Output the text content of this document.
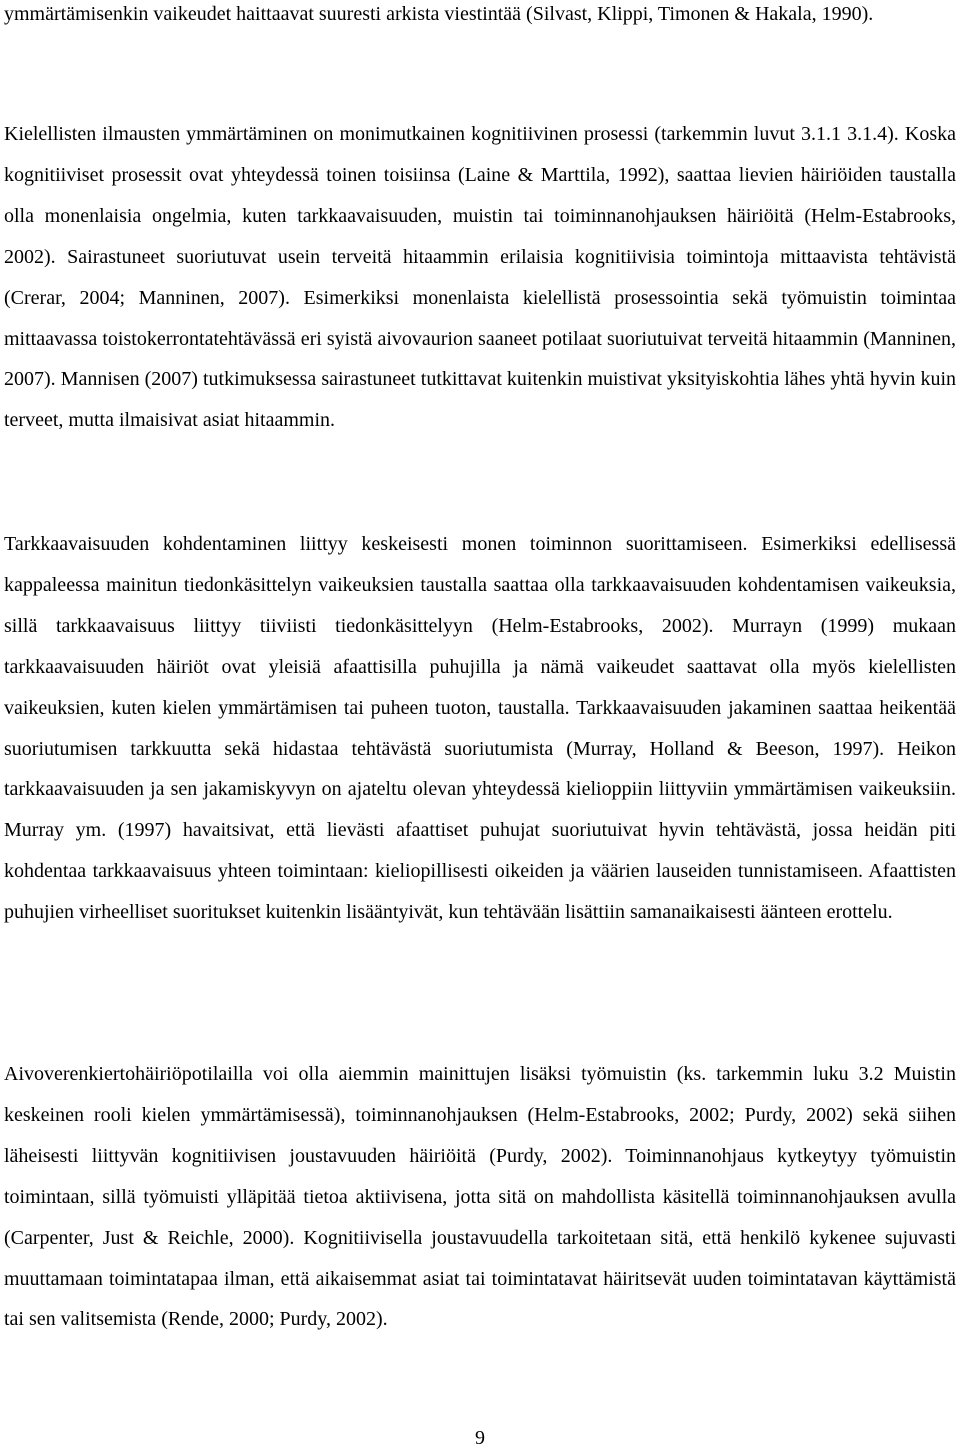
ymmärtämisenkin vaikeudet haittaavat suuresti arkista viestintää (Silvast, Klippi, Timonen & Hakala, 1990).

Kielellisten ilmausten ymmärtäminen on monimutkainen kognitiivinen prosessi (tarkemmin luvut 3.1.1 3.1.4). Koska kognitiiviset prosessit ovat yhteydessä toinen toisiinsa (Laine & Marttila, 1992), saattaa lievien häiriöiden taustalla olla monenlaisia ongelmia, kuten tarkkaavaisuuden, muistin tai toiminnanohjauksen häiriöitä (Helm-Estabrooks, 2002). Sairastuneet suoriutuvat usein terveitä hitaammin erilaisia kognitiivisia toimintoja mittaavista tehtävistä (Crerar, 2004; Manninen, 2007). Esimerkiksi monenlaista kielellistä prosessointia sekä työmuistin toimintaa mittaavassa toistokerrontatehtävässä eri syistä aivovaurion saaneet potilaat suoriutuivat terveitä hitaammin (Manninen, 2007). Mannisen (2007) tutkimuksessa sairastuneet tutkittavat kuitenkin muistivat yksityiskohtia lähes yhtä hyvin kuin terveet, mutta ilmaisivat asiat hitaammin.

Tarkkaavaisuuden kohdentaminen liittyy keskeisesti monen toiminnon suorittamiseen. Esimerkiksi edellisessä kappaleessa mainitun tiedonkäsittelyn vaikeuksien taustalla saattaa olla tarkkaavaisuuden kohdentamisen vaikeuksia, sillä tarkkaavaisuus liittyy tiiviisti tiedonkäsittelyyn (Helm-Estabrooks, 2002). Murrayn (1999) mukaan tarkkaavaisuuden häiriöt ovat yleisiä afaattisilla puhujilla ja nämä vaikeudet saattavat olla myös kielellisten vaikeuksien, kuten kielen ymmärtämisen tai puheen tuoton, taustalla. Tarkkaavaisuuden jakaminen saattaa heikentää suoriutumisen tarkkuutta sekä hidastaa tehtävästä suoriutumista (Murray, Holland & Beeson, 1997). Heikon tarkkaavaisuuden ja sen jakamiskyvyn on ajateltu olevan yhteydessä kielioppiin liittyviin ymmärtämisen vaikeuksiin. Murray ym. (1997) havaitsivat, että lievästi afaattiset puhujat suoriutuivat hyvin tehtävästä, jossa heidän piti kohdentaa tarkkaavaisuus yhteen toimintaan: kieliopillisesti oikeiden ja väärien lauseiden tunnistamiseen. Afaattisten puhujien virheelliset suoritukset kuitenkin lisääntyivät, kun tehtävään lisättiin samanaikaisesti äänteen erottelu.

Aivoverenkiertohäiriöpotilailla voi olla aiemmin mainittujen lisäksi työmuistin (ks. tarkemmin luku 3.2 Muistin keskeinen rooli kielen ymmärtämisessä), toiminnanohjauksen (Helm-Estabrooks, 2002; Purdy, 2002) sekä siihen läheisesti liittyvän kognitiivisen joustavuuden häiriöitä (Purdy, 2002). Toiminnanohjaus kytkeytyy työmuistin toimintaan, sillä työmuisti ylläpitää tietoa aktiivisena, jotta sitä on mahdollista käsitellä toiminnanohjauksen avulla (Carpenter, Just & Reichle, 2000). Kognitiivisella joustavuudella tarkoitetaan sitä, että henkilö kykenee sujuvasti muuttamaan toimintatapaa ilman, että aikaisemmat asiat tai toimintatavat häiritsevät uuden toimintatavan käyttämistä tai sen valitsemista (Rende, 2000; Purdy, 2002).

9
